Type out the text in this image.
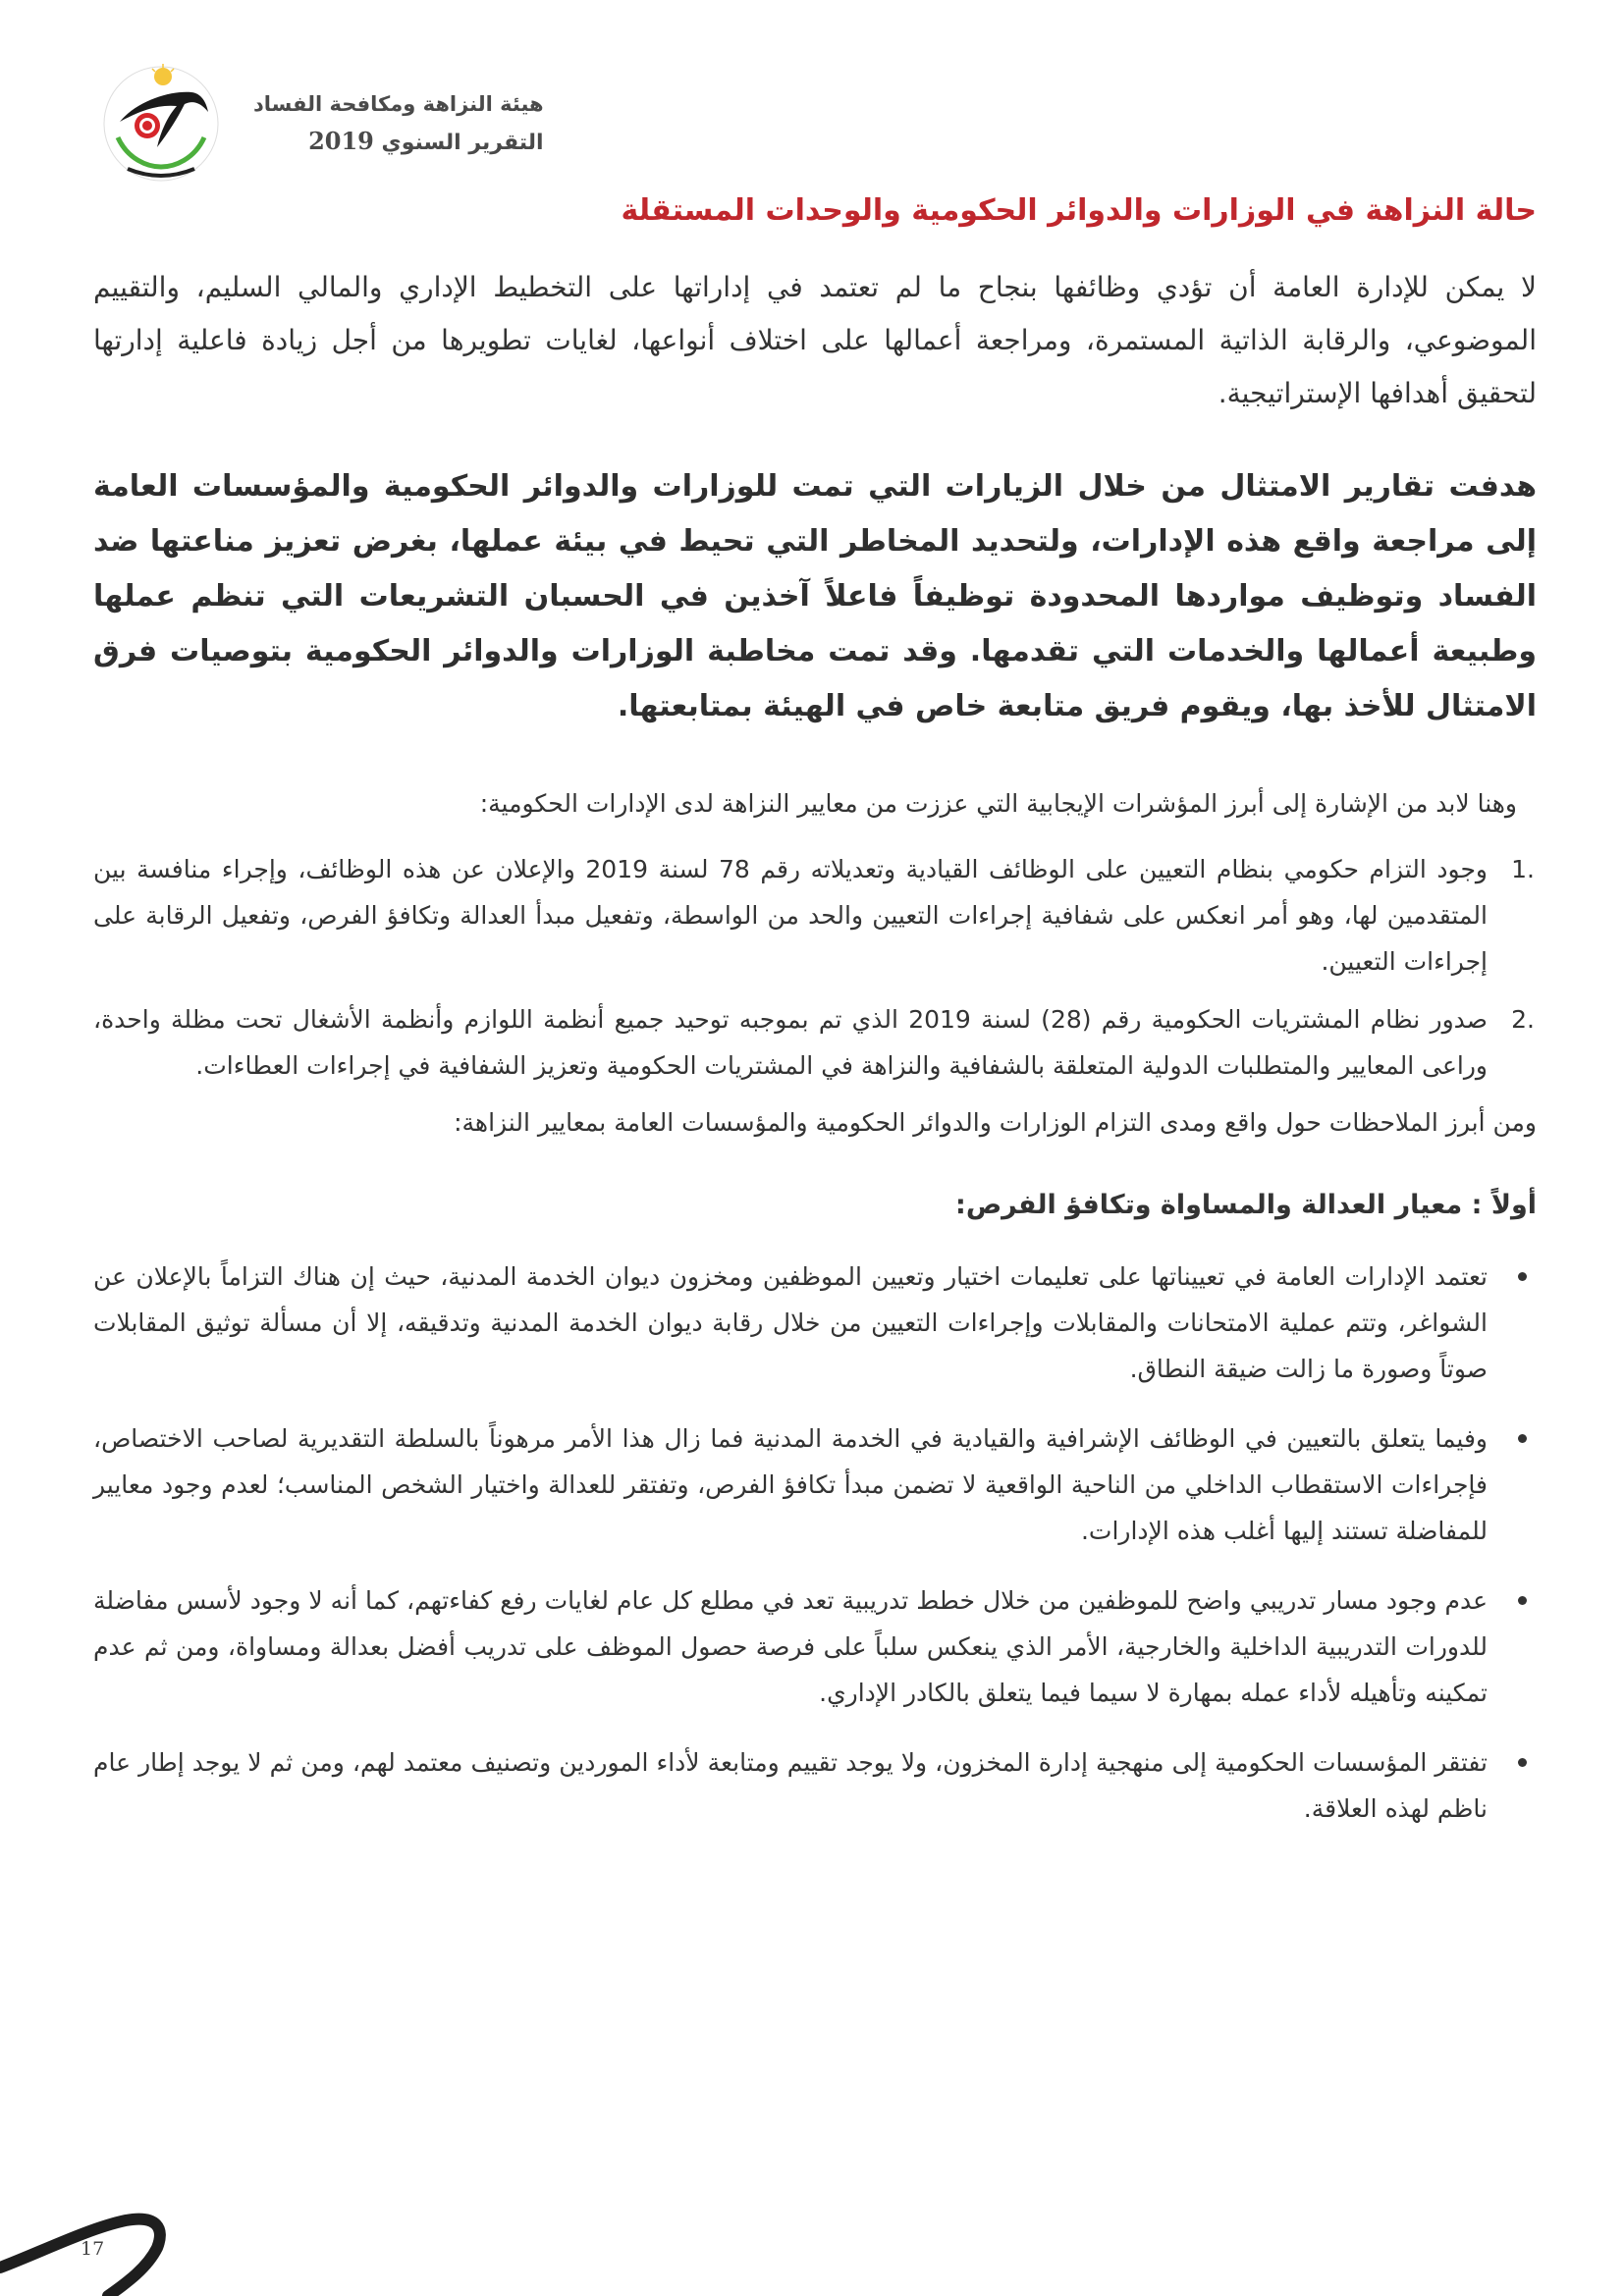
هيئة النزاهة ومكافحة الفساد
التقرير السنوي 2019
حالة النزاهة في الوزارات والدوائر الحكومية والوحدات المستقلة

لا يمكن للإدارة العامة أن تؤدي وظائفها بنجاح ما لم تعتمد في إداراتها على التخطيط الإداري والمالي السليم، والتقييم الموضوعي، والرقابة الذاتية المستمرة، ومراجعة أعمالها على اختلاف أنواعها، لغايات تطويرها من أجل زيادة فاعلية إدارتها لتحقيق أهدافها الإستراتيجية.

هدفت تقارير الامتثال من خلال الزيارات التي تمت للوزارات والدوائر الحكومية والمؤسسات العامة إلى مراجعة واقع هذه الإدارات، ولتحديد المخاطر التي تحيط في بيئة عملها، بغرض تعزيز مناعتها ضد الفساد وتوظيف مواردها المحدودة توظيفاً فاعلاً آخذين في الحسبان التشريعات التي تنظم عملها وطبيعة أعمالها والخدمات التي تقدمها. وقد تمت مخاطبة الوزارات والدوائر الحكومية بتوصيات فرق الامتثال للأخذ بها، ويقوم فريق متابعة خاص في الهيئة بمتابعتها.

وهنا لابد من الإشارة إلى أبرز المؤشرات الإيجابية التي عززت من معايير النزاهة لدى الإدارات الحكومية:

1.
وجود التزام حكومي بنظام التعيين على الوظائف القيادية وتعديلاته رقم 78 لسنة 2019 والإعلان عن هذه الوظائف، وإجراء منافسة بين المتقدمين لها، وهو أمر انعكس على شفافية إجراءات التعيين والحد من الواسطة، وتفعيل مبدأ العدالة وتكافؤ الفرص، وتفعيل الرقابة على إجراءات التعيين.
2.
صدور نظام المشتريات الحكومية رقم (28) لسنة 2019 الذي تم بموجبه توحيد جميع أنظمة اللوازم وأنظمة الأشغال تحت مظلة واحدة، وراعى المعايير والمتطلبات الدولية المتعلقة بالشفافية والنزاهة في المشتريات الحكومية وتعزيز الشفافية في إجراءات العطاءات.

ومن أبرز الملاحظات حول واقع ومدى التزام الوزارات والدوائر الحكومية والمؤسسات العامة بمعايير النزاهة:

أولاً : معيار العدالة والمساواة وتكافؤ الفرص:
تعتمد الإدارات العامة في تعييناتها على تعليمات اختيار وتعيين الموظفين ومخزون ديوان الخدمة المدنية، حيث إن هناك التزاماً بالإعلان عن الشواغر، وتتم عملية الامتحانات والمقابلات وإجراءات التعيين من خلال رقابة ديوان الخدمة المدنية وتدقيقه، إلا أن مسألة توثيق المقابلات صوتاً وصورة ما زالت ضيقة النطاق.
وفيما يتعلق بالتعيين في الوظائف الإشرافية والقيادية في الخدمة المدنية فما زال هذا الأمر مرهوناً بالسلطة التقديرية لصاحب الاختصاص، فإجراءات الاستقطاب الداخلي من الناحية الواقعية لا تضمن مبدأ تكافؤ الفرص، وتفتقر للعدالة واختيار الشخص المناسب؛ لعدم وجود معايير للمفاضلة تستند إليها أغلب هذه الإدارات.
عدم وجود مسار تدريبي واضح للموظفين من خلال خطط تدريبية تعد في مطلع كل عام لغايات رفع كفاءتهم، كما أنه لا وجود لأسس مفاضلة للدورات التدريبية الداخلية والخارجية، الأمر الذي ينعكس سلباً على فرصة حصول الموظف على تدريب أفضل بعدالة ومساواة، ومن ثم عدم تمكينه وتأهيله لأداء عمله بمهارة لا سيما فيما يتعلق بالكادر الإداري.
تفتقر المؤسسات الحكومية إلى منهجية إدارة المخزون، ولا يوجد تقييم ومتابعة لأداء الموردين وتصنيف معتمد لهم، ومن ثم لا يوجد إطار عام ناظم لهذه العلاقة.
17
